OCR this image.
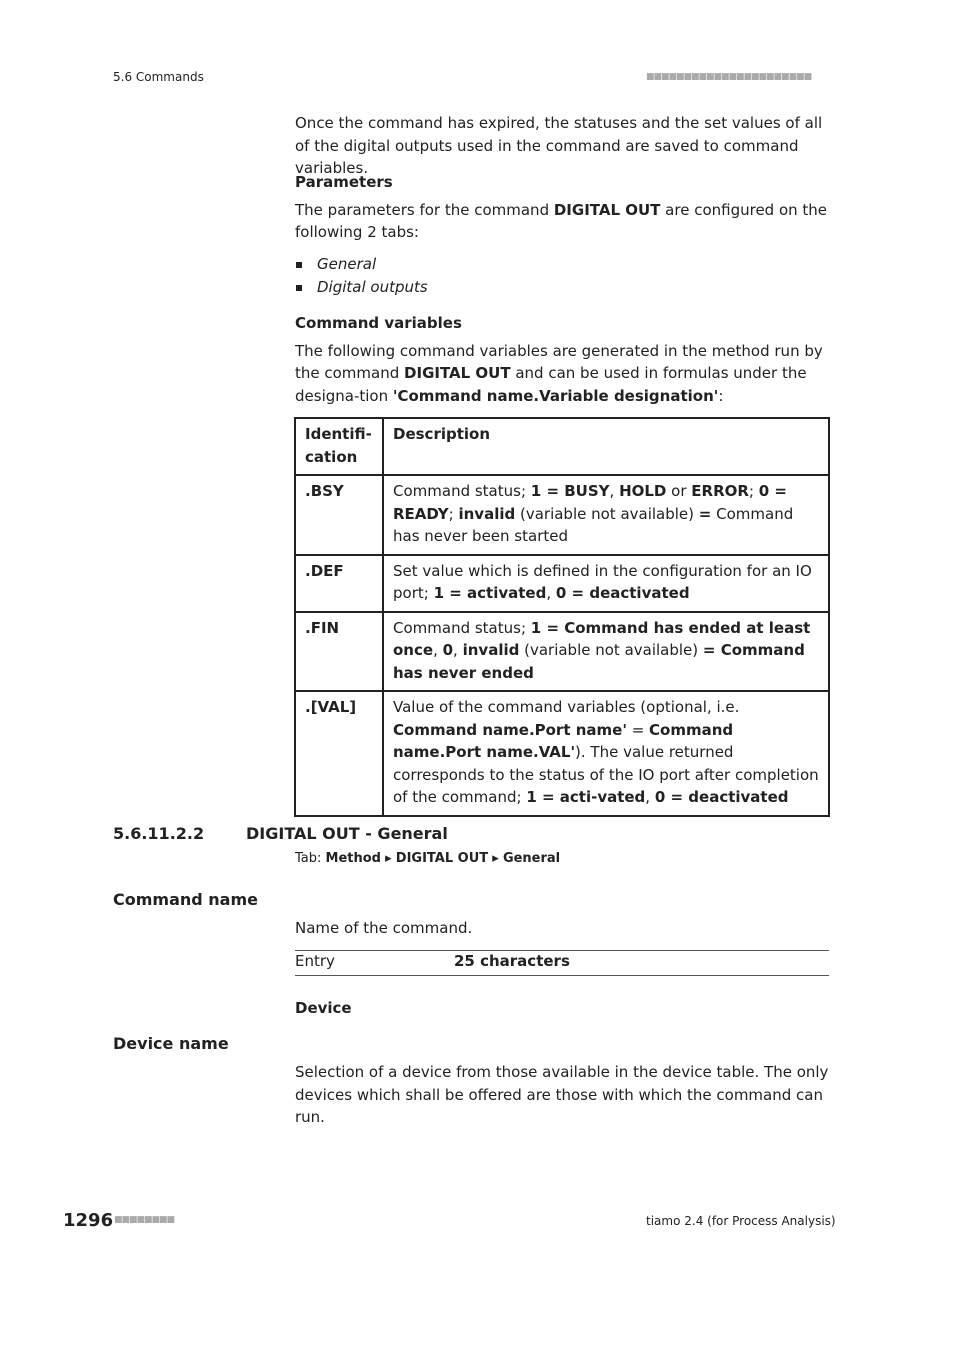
5.6 Commands	■■■■■■■■■■■■■■■■■■■■■■

Once the command has expired, the statuses and the set values of all of the digital outputs used in the command are saved to command variables.

Parameters

The parameters for the command DIGITAL OUT are configured on the following 2 tabs:

General
Digital outputs
Command variables

The following command variables are generated in the method run by the command DIGITAL OUT and can be used in formulas under the designa-tion 'Command name.Variable designation':

Identifi-cation	Description
.BSY	Command status; 1 = BUSY, HOLD or ERROR; 0 = READY; invalid (variable not available) = Command has never been started
.DEF	Set value which is defined in the configuration for an IO port; 1 = activated, 0 = deactivated
.FIN	Command status; 1 = Command has ended at least once, 0, invalid (variable not available) = Command has never ended
.[VAL]	Value of the command variables (optional, i.e. Command name.Port name' = Command name.Port name.VAL'). The value returned corresponds to the status of the IO port after completion of the command; 1 = acti-vated, 0 = deactivated
5.6.11.2.2	DIGITAL OUT - General
Tab: Method ▸ DIGITAL OUT ▸ General
Command name

Name of the command.

Entry	25 characters
Device
Device name

Selection of a device from those available in the device table. The only devices which shall be offered are those with which the command can run.

1296 ■■■■■■■■	tiamo 2.4 (for Process Analysis)
